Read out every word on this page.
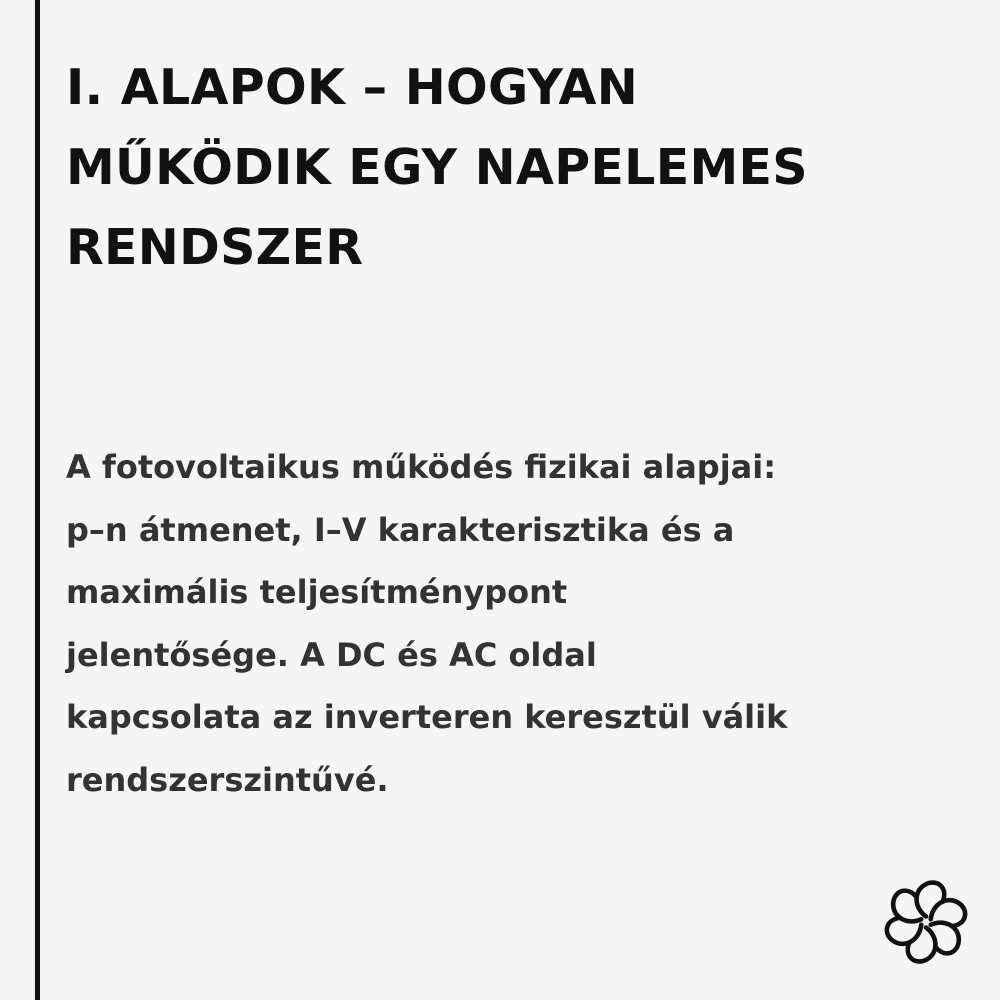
I. ALAPOK – HOGYAN
MŰKÖDIK EGY NAPELEMES
RENDSZER

A fotovoltaikus működés fizikai alapjai:
p–n átmenet, I–V karakterisztika és a
maximális teljesítménypont
jelentősége. A DC és AC oldal
kapcsolata az inverteren keresztül válik
rendszerszintűvé.
